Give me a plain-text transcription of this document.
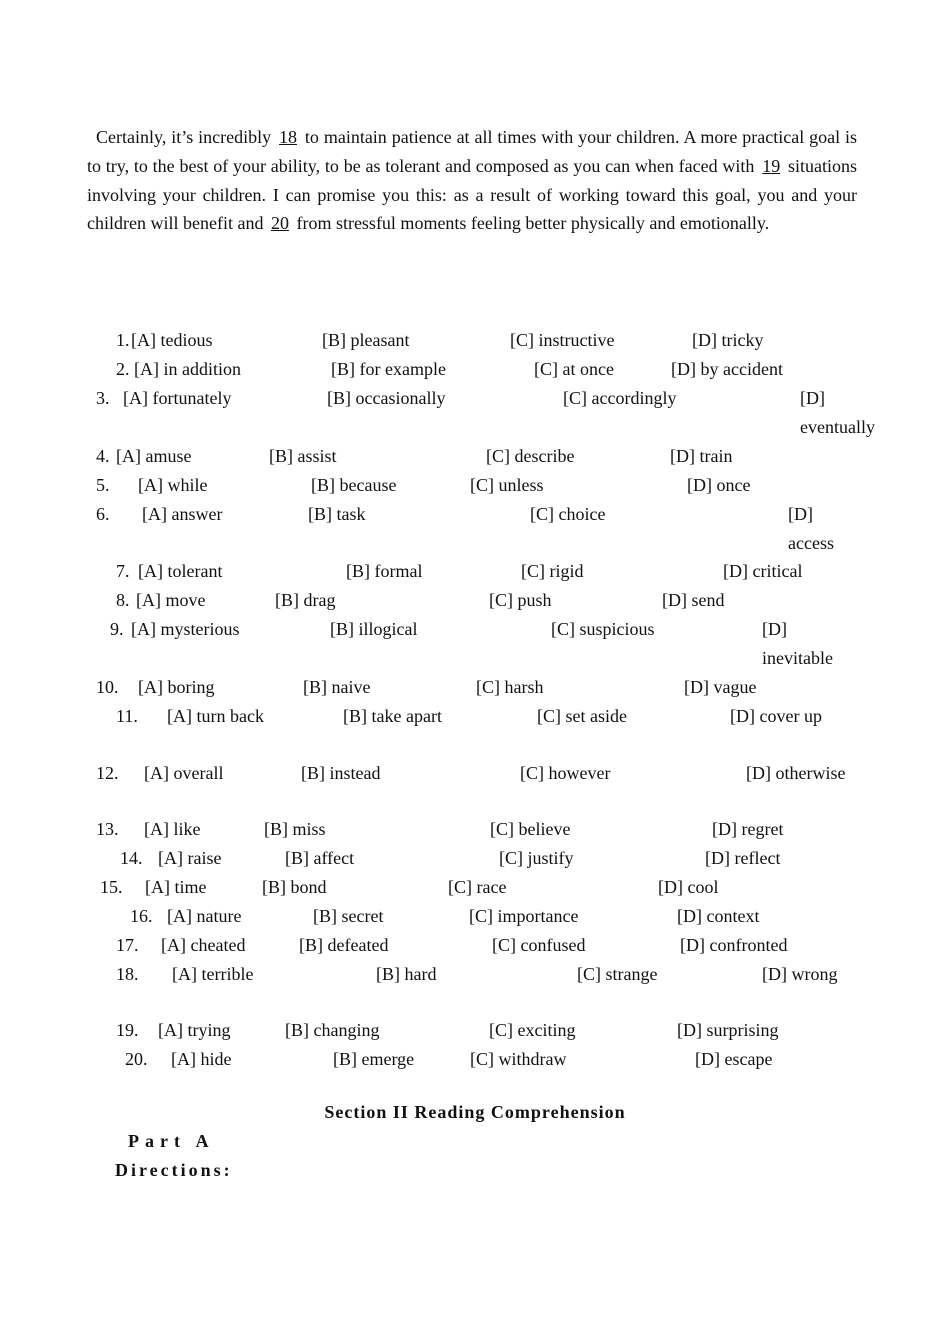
Certainly, it’s incredibly 18 to maintain patience at all times with your children. A more practical goal is to try, to the best of your ability, to be as tolerant and composed as you can when faced with 19 situations involving your children. I can promise you this: as a result of working toward this goal, you and your children will benefit and 20 from stressful moments feeling better physically and emotionally.
1. [A] tedious	[B] pleasant	[C] instructive	[D] tricky
2. [A] in addition	[B] for example	[C] at once	[D] by accident
3. [A] fortunately	[B] occasionally	[C] accordingly	[D] eventually
4. [A] amuse	[B] assist	[C] describe	[D] train
5. [A] while	[B] because	[C] unless	[D] once
6. [A] answer	[B] task	[C] choice	[D] access
7. [A] tolerant	[B] formal	[C] rigid	[D] critical
8. [A] move	[B] drag	[C] push	[D] send
9. [A] mysterious	[B] illogical	[C] suspicious	[D] inevitable
10. [A] boring	[B] naive	[C] harsh	[D] vague
11. [A] turn back	[B] take apart	[C] set aside	[D] cover up
12. [A] overall	[B] instead	[C] however	[D] otherwise
13. [A] like	[B] miss	[C] believe	[D] regret
14. [A] raise	[B] affect	[C] justify	[D] reflect
15. [A] time	[B] bond	[C] race	[D] cool
16. [A] nature	[B] secret	[C] importance	[D] context
17. [A] cheated	[B] defeated	[C] confused	[D] confronted
18. [A] terrible	[B] hard	[C] strange	[D] wrong
19. [A] trying	[B] changing	[C] exciting	[D] surprising
20. [A] hide	[B] emerge	[C] withdraw	[D] escape
Section II Reading Comprehension
Part A
Directions:
